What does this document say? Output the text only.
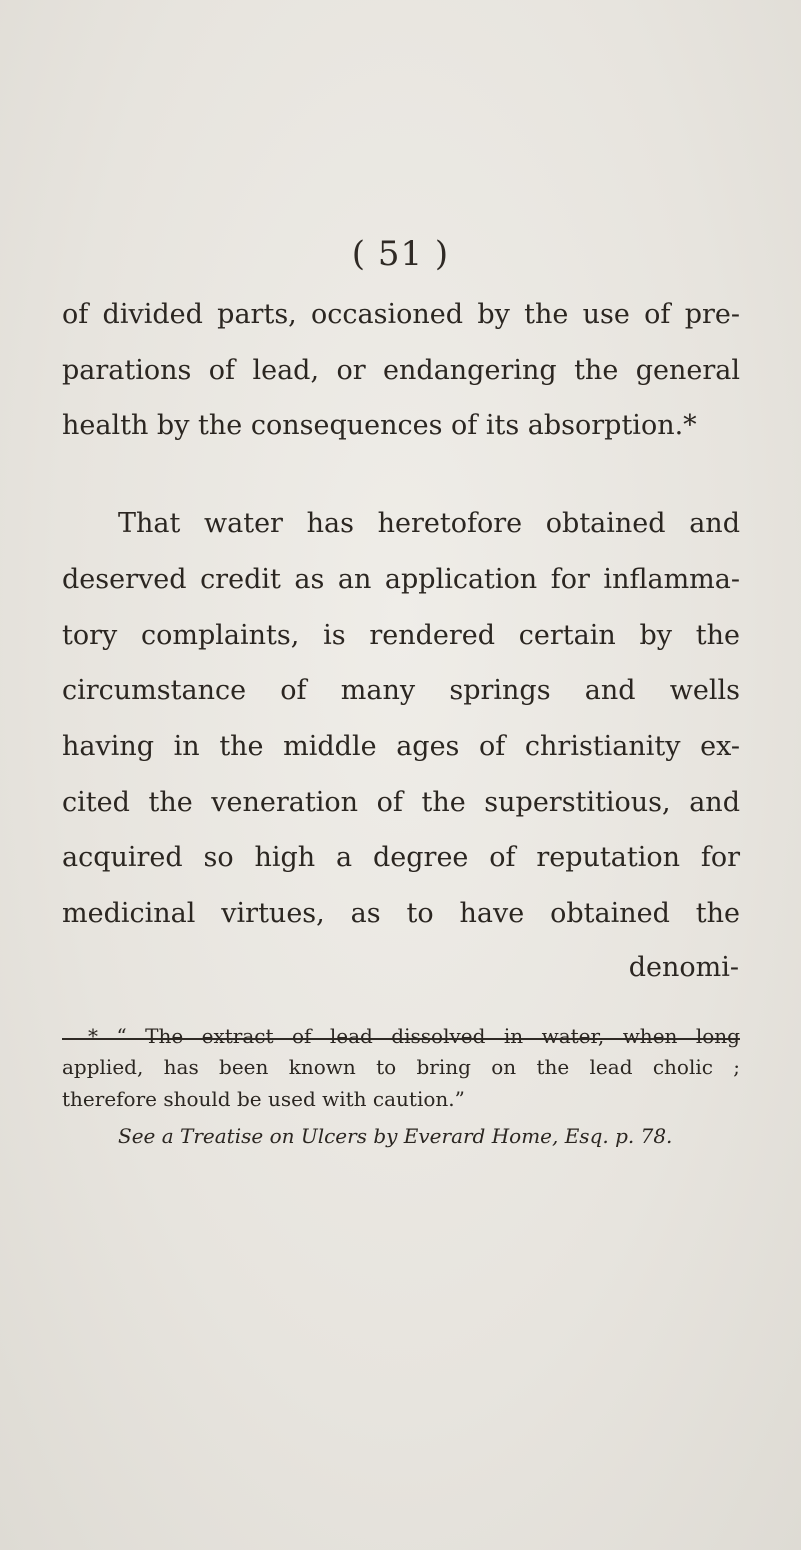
( 51 )
of divided parts, occasioned by the use of pre-
parations of lead, or endangering the general
health by the consequences of its absorption.*
That water has heretofore obtained and
deserved credit as an application for inflamma-
tory complaints, is rendered certain by the
circumstance of many springs and wells
having in the middle ages of christianity ex-
cited the veneration of the superstitious, and
acquired so high a degree of reputation for
medicinal virtues, as to have obtained the
denomi-
* “ The extract of lead dissolved in water, when long
applied, has been known to bring on the lead cholic ;
therefore should be used with caution.”
See a Treatise on Ulcers by Everard Home, Esq. p. 78.
